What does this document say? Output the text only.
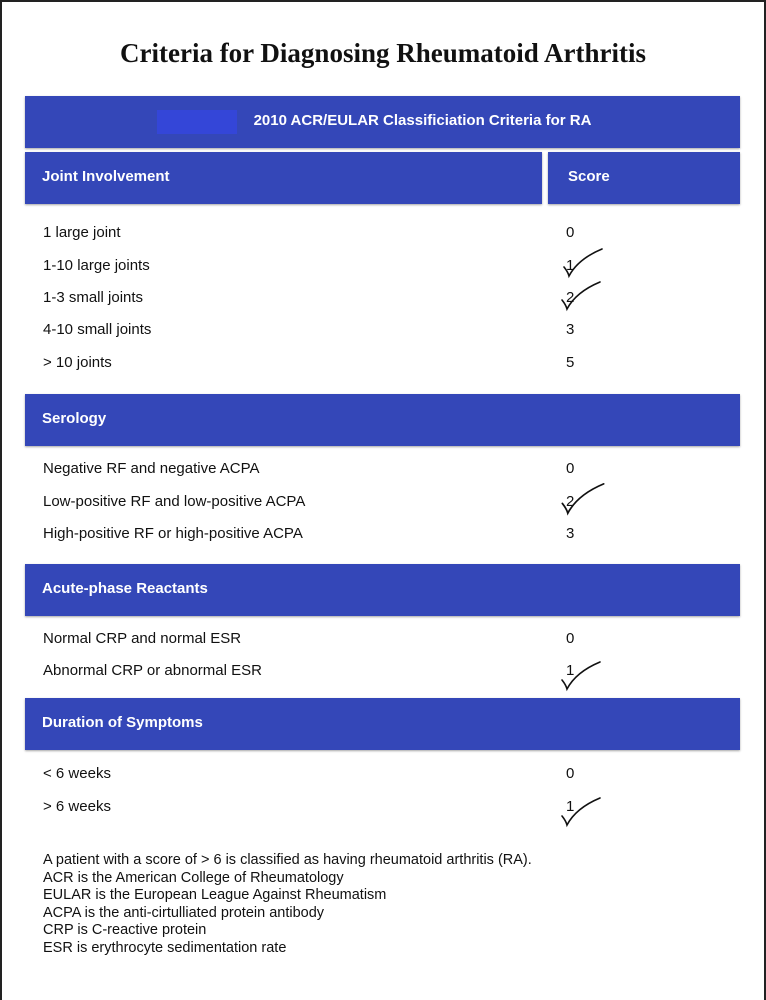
Criteria for Diagnosing Rheumatoid Arthritis
2010 ACR/EULAR Classificiation Criteria for RA
Joint Involvement	Score
1 large joint	0
1-10 large joints	1
1-3 small joints	2
4-10 small joints	3
> 10 joints	5
Serology
Negative RF and negative ACPA	0
Low-positive RF and low-positive ACPA	2
High-positive RF or high-positive ACPA	3
Acute-phase Reactants
Normal CRP and normal ESR	0
Abnormal CRP or abnormal ESR	1
Duration of Symptoms
< 6 weeks	0
> 6 weeks	1
A patient with a score of > 6 is classified as having rheumatoid arthritis (RA).
ACR is the American College of Rheumatology
EULAR is the European League Against Rheumatism
ACPA is the anti-cirtulliated protein antibody
CRP is C-reactive protein
ESR is erythrocyte sedimentation rate
